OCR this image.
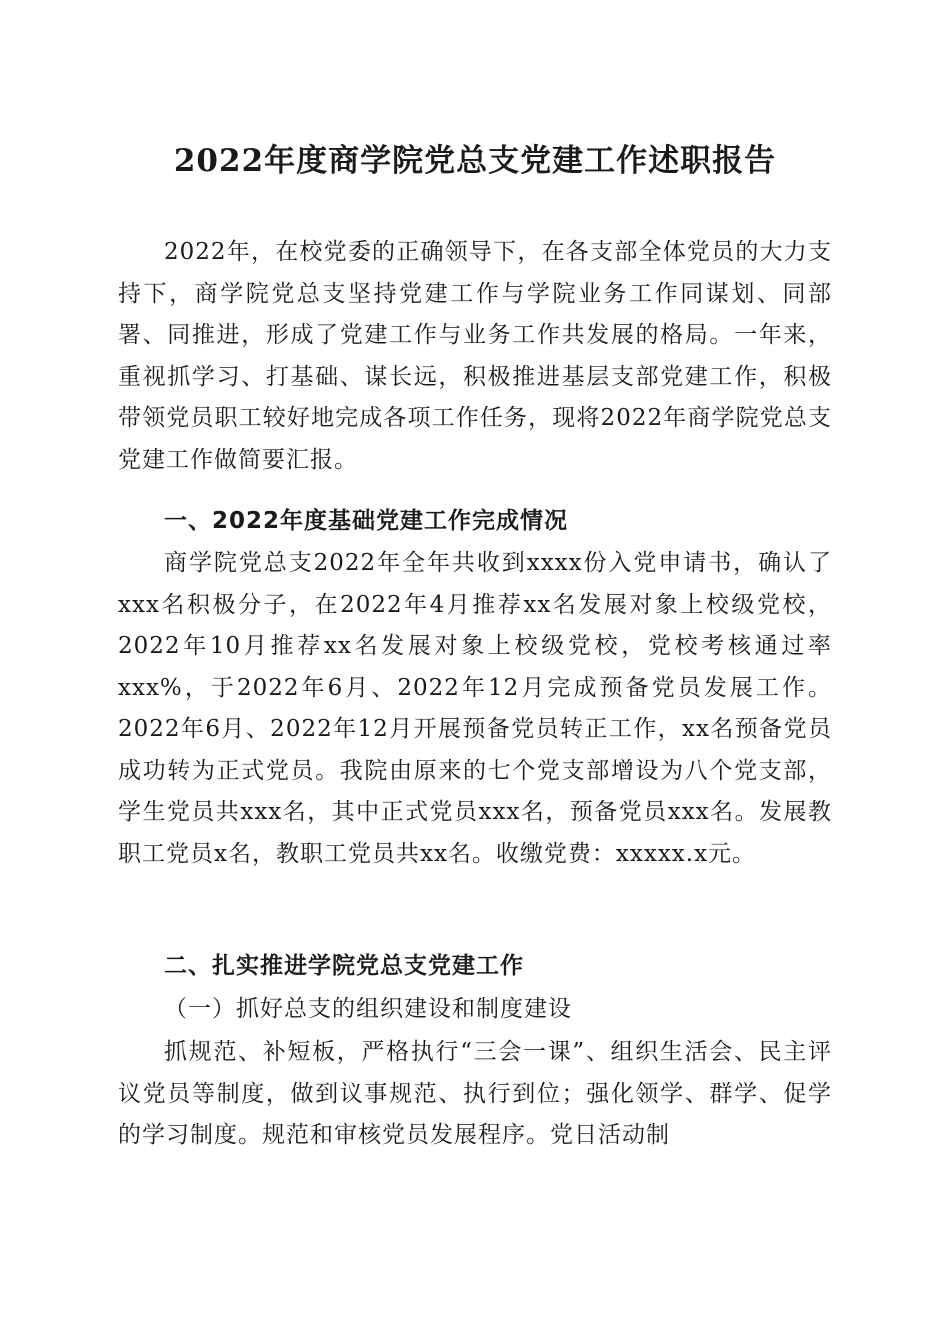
2022年度商学院党总支党建工作述职报告
2022年，在校党委的正确领导下，在各支部全体党员的大力支持下，商学院党总支坚持党建工作与学院业务工作同谋划、同部署、同推进，形成了党建工作与业务工作共发展的格局。一年来，重视抓学习、打基础、谋长远，积极推进基层支部党建工作，积极带领党员职工较好地完成各项工作任务，现将2022年商学院党总支党建工作做简要汇报。
一、2022年度基础党建工作完成情况
商学院党总支2022年全年共收到xxxx份入党申请书，确认了xxx名积极分子，在2022年4月推荐xx名发展对象上校级党校，2022年10月推荐xx名发展对象上校级党校，党校考核通过率xxx%，于2022年6月、2022年12月完成预备党员发展工作。2022年6月、2022年12月开展预备党员转正工作，xx名预备党员成功转为正式党员。我院由原来的七个党支部增设为八个党支部，学生党员共xxx名，其中正式党员xxx名，预备党员xxx名。发展教职工党员x名，教职工党员共xx名。收缴党费：xxxxx.x元。
二、扎实推进学院党总支党建工作
（一）抓好总支的组织建设和制度建设
抓规范、补短板，严格执行“三会一课”、组织生活会、民主评议党员等制度，做到议事规范、执行到位；强化领学、群学、促学的学习制度。规范和审核党员发展程序。党日活动制
